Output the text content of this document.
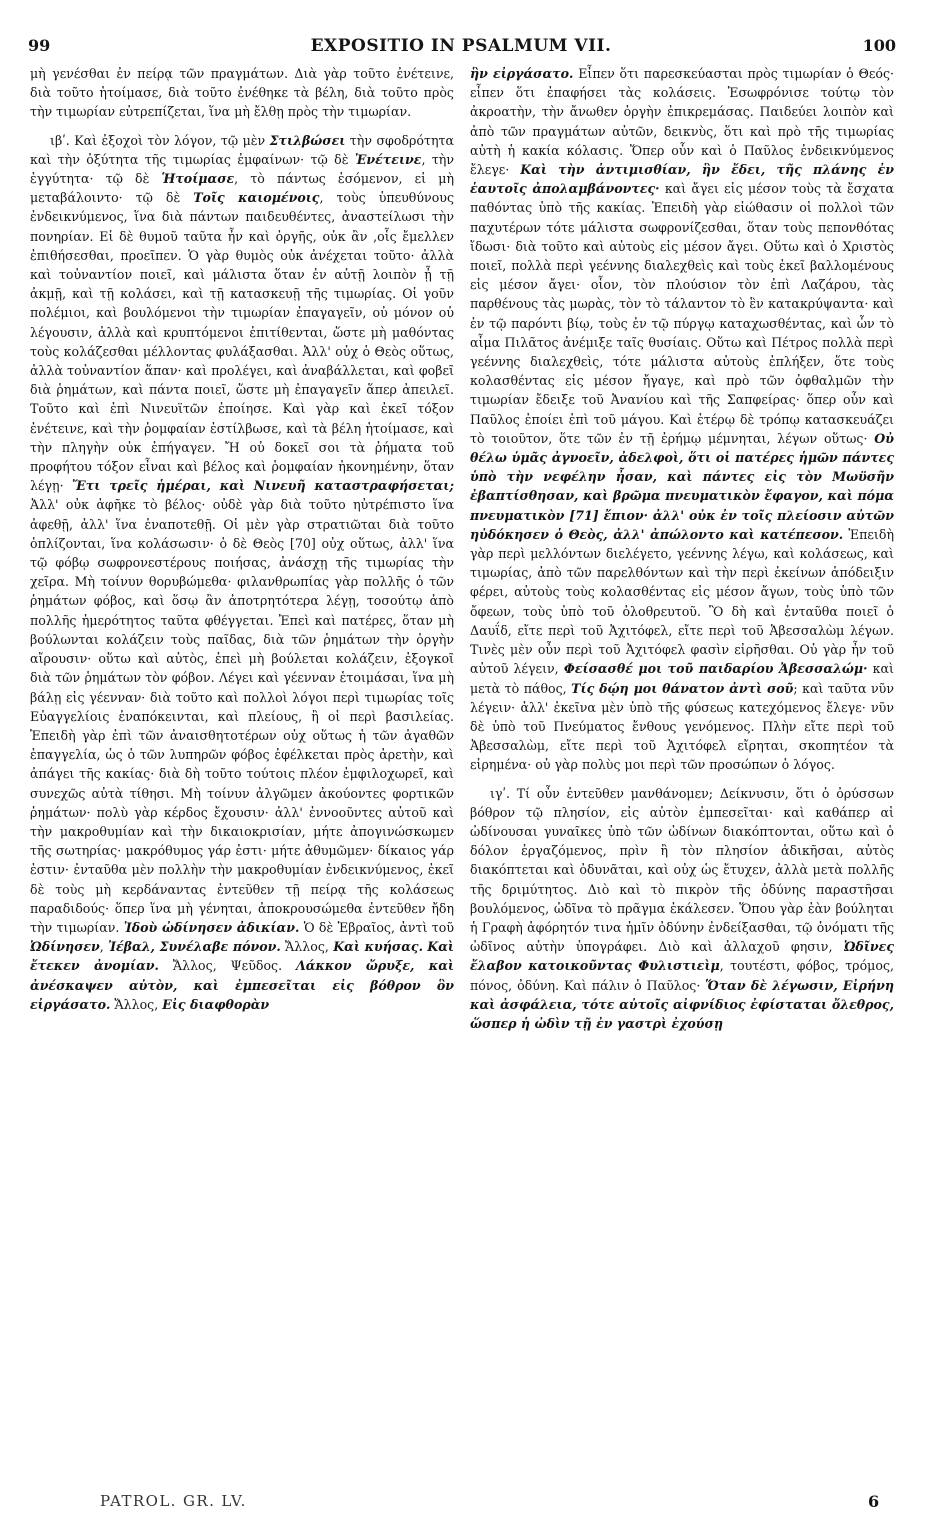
99	EXPOSITIO IN PSALMUM VII.	100

μὴ γενέσθαι ἐν πείρᾳ τῶν πραγμάτων. Διὰ γὰρ τοῦτο ἐνέτεινε, διὰ τοῦτο ἡτοίμασε, διὰ τοῦτο ἐνέθηκε τὰ βέλη, διὰ τοῦτο πρὸς τὴν τιμωρίαν εὐτρεπίζεται, ἵνα μὴ ἔλθῃ πρὸς τὴν τιμωρίαν.

ιβʹ. Καὶ ἐξοχοὶ τὸν λόγον, τῷ μὲν Στιλβώσει τὴν σφοδρότητα καὶ τὴν ὀξύτητα τῆς τιμωρίας ἐμφαίνων· τῷ δὲ Ἐνέτεινε, τὴν ἐγγύτητα· τῷ δὲ Ἡτοίμασε, τὸ πάντως ἐσόμενον, εἰ μὴ μεταβάλοιντο· τῷ δὲ Τοῖς καιομένοις, τοὺς ὑπευθύνους ἐνδεικνύμενος, ἵνα διὰ πάντων παιδευθέντες, ἀναστείλωσι τὴν πονηρίαν. Εἰ δὲ θυμοῦ ταῦτα ἦν καὶ ὀργῆς, οὐκ ἂν ,οἷς ἔμελλεν ἐπιθήσεσθαι, προεῖπεν. Ὁ γὰρ θυμὸς οὐκ ἀνέχεται τοῦτο· ἀλλὰ καὶ τοὐναντίον ποιεῖ, καὶ μάλιστα ὅταν ἐν αὐτῇ λοιπὸν ᾖ τῇ ἀκμῇ, καὶ τῇ κολάσει, καὶ τῇ κατασκευῇ τῆς τιμωρίας. Οἱ γοῦν πολέμιοι, καὶ βουλόμενοι τὴν τιμωρίαν ἐπαγαγεῖν, οὐ μόνον οὐ λέγουσιν, ἀλλὰ καὶ κρυπτόμενοι ἐπιτίθενται, ὥστε μὴ μαθόντας τοὺς κολάζεσθαι μέλλοντας φυλάξασθαι. Ἀλλ' οὐχ ὁ Θεὸς οὕτως, ἀλλὰ τοὐναντίον ἅπαν· καὶ προλέγει, καὶ ἀναβάλλεται, καὶ φοβεῖ διὰ ῥημάτων, καὶ πάντα ποιεῖ, ὥστε μὴ ἐπαγαγεῖν ἅπερ ἀπειλεῖ. Τοῦτο καὶ ἐπὶ Νινευϊτῶν ἐποίησε. Καὶ γὰρ καὶ ἐκεῖ τόξον ἐνέτεινε, καὶ τὴν ῥομφαίαν ἐστίλβωσε, καὶ τὰ βέλη ἡτοίμασε, καὶ τὴν πληγὴν οὐκ ἐπήγαγεν. Ἤ οὐ δοκεῖ σοι τὰ ῥήματα τοῦ προφήτου τόξον εἶναι καὶ βέλος καὶ ῥομφαίαν ἠκονημένην, ὅταν λέγῃ· Ἔτι τρεῖς ἡμέραι, καὶ Νινευῆ καταστραφήσεται; Ἀλλ' οὐκ ἀφῆκε τὸ βέλος· οὐδὲ γὰρ διὰ τοῦτο ηὐτρέπιστο ἵνα ἀφεθῇ, ἀλλ' ἵνα ἐναποτεθῇ. Οἱ μὲν γὰρ στρατιῶται διὰ τοῦτο ὁπλίζονται, ἵνα κολάσωσιν· ὁ δὲ Θεὸς [70] οὐχ οὕτως, ἀλλ' ἵνα τῷ φόβῳ σωφρονεστέρους ποιήσας, ἀνάσχῃ τῆς τιμωρίας τὴν χεῖρα. Μὴ τοίνυν θορυβώμεθα· φιλανθρωπίας γὰρ πολλῆς ὁ τῶν ῥημάτων φόβος, καὶ ὅσῳ ἂν ἀποτρητότερα λέγῃ, τοσούτῳ ἀπὸ πολλῆς ἡμερότητος ταῦτα φθέγγεται. Ἐπεὶ καὶ πατέρες, ὅταν μὴ βούλωνται κολάζειν τοὺς παῖδας, διὰ τῶν ῥημάτων τὴν ὀργὴν αἴρουσιν· οὕτω καὶ αὐτὸς, ἐπεὶ μὴ βούλεται κολάζειν, ἐξογκοῖ διὰ τῶν ῥημάτων τὸν φόβον. Λέγει καὶ γέενναν ἑτοιμάσαι, ἵνα μὴ βάλῃ εἰς γέενναν· διὰ τοῦτο καὶ πολλοὶ λόγοι περὶ τιμωρίας τοῖς Εὐαγγελίοις ἐναπόκεινται, καὶ πλείους, ἢ οἱ περὶ βασιλείας. Ἐπειδὴ γὰρ ἐπὶ τῶν ἀναισθητοτέρων οὐχ οὕτως ἡ τῶν ἀγαθῶν ἐπαγγελία, ὡς ὁ τῶν λυπηρῶν φόβος ἐφέλκεται πρὸς ἀρετὴν, καὶ ἀπάγει τῆς κακίας· διὰ δὴ τοῦτο τούτοις πλέον ἐμφιλοχωρεῖ, καὶ συνεχῶς αὐτὰ τίθησι. Μὴ τοίνυν ἀλγῶμεν ἀκούοντες φορτικῶν ῥημάτων· πολὺ γὰρ κέρδος ἔχουσιν· ἀλλ' ἐννοοῦντες αὐτοῦ καὶ τὴν μακροθυμίαν καὶ τὴν δικαιοκρισίαν, μήτε ἀπογινώσκωμεν τῆς σωτηρίας· μακρόθυμος γάρ ἐστι· μήτε ἀθυμῶμεν· δίκαιος γάρ ἐστιν· ἐνταῦθα μὲν πολλὴν τὴν μακροθυμίαν ἐνδεικνύμενος, ἐκεῖ δὲ τοὺς μὴ κερδάναντας ἐντεῦθεν τῇ πείρᾳ τῆς κολάσεως παραδιδούς· ὅπερ ἵνα μὴ γένηται, ἀποκρουσώμεθα ἐντεῦθεν ἤδη τὴν τιμωρίαν. Ἰδοὺ ὠδίνησεν ἀδικίαν. Ὁ δὲ Ἑβραῖος, ἀντὶ τοῦ Ὠδίνησεν, Ἰέβαλ, Συνέλαβε πόνον. Ἄλλος, Καὶ κυήσας. Καὶ ἔτεκεν ἀνομίαν. Ἄλλος, Ψεῦδος. Λάκκον ὤρυξε, καὶ ἀνέσκαψεν αὐτὸν, καὶ ἐμπεσεῖται εἰς βόθρον ὃν εἰργάσατο. Ἄλλος, Εἰς διαφθορὰν

ἣν εἰργάσατο. Εἶπεν ὅτι παρεσκεύασται πρὸς τιμωρίαν ὁ Θεός· εἶπεν ὅτι ἐπαφήσει τὰς κολάσεις. Ἐσωφρόνισε τούτῳ τὸν ἀκροατὴν, τὴν ἄνωθεν ὀργὴν ἐπικρεμάσας. Παιδεύει λοιπὸν καὶ ἀπὸ τῶν πραγμάτων αὐτῶν, δεικνὺς, ὅτι καὶ πρὸ τῆς τιμωρίας αὐτὴ ἡ κακία κόλασις. Ὅπερ οὖν καὶ ὁ Παῦλος ἐνδεικνύμενος ἔλεγε· Καὶ τὴν ἀντιμισθίαν, ἣν ἔδει, τῆς πλάνης ἐν ἑαυτοῖς ἀπολαμβάνοντες· καὶ ἄγει εἰς μέσον τοὺς τὰ ἔσχατα παθόντας ὑπὸ τῆς κακίας. Ἐπειδὴ γὰρ εἰώθασιν οἱ πολλοὶ τῶν παχυτέρων τότε μάλιστα σωφρονίζεσθαι, ὅταν τοὺς πεπονθότας ἴδωσι· διὰ τοῦτο καὶ αὐτοὺς εἰς μέσον ἄγει. Οὕτω καὶ ὁ Χριστὸς ποιεῖ, πολλὰ περὶ γεέννης διαλεχθεὶς καὶ τοὺς ἐκεῖ βαλλομένους εἰς μέσον ἄγει· οἷον, τὸν πλούσιον τὸν ἐπὶ Λαζάρου, τὰς παρθένους τὰς μωρὰς, τὸν τὸ τάλαντον τὸ ἓν κατακρύψαντα· καὶ ἐν τῷ παρόντι βίῳ, τοὺς ἐν τῷ πύργῳ καταχωσθέντας, καὶ ὧν τὸ αἷμα Πιλᾶτος ἀνέμιξε ταῖς θυσίαις. Οὕτω καὶ Πέτρος πολλὰ περὶ γεέννης διαλεχθεὶς, τότε μάλιστα αὐτοὺς ἐπλήξεν, ὅτε τοὺς κολασθέντας εἰς μέσον ἤγαγε, καὶ πρὸ τῶν ὀφθαλμῶν τὴν τιμωρίαν ἔδειξε τοῦ Ἀνανίου καὶ τῆς Σαπφείρας· ὅπερ οὖν καὶ Παῦλος ἐποίει ἐπὶ τοῦ μάγου. Καὶ ἑτέρῳ δὲ τρόπῳ κατασκευάζει τὸ τοιοῦτον, ὅτε τῶν ἐν τῇ ἐρήμῳ μέμνηται, λέγων οὕτως· Οὐ θέλω ὑμᾶς ἀγνοεῖν, ἀδελφοὶ, ὅτι οἱ πατέρες ἡμῶν πάντες ὑπὸ τὴν νεφέλην ἦσαν, καὶ πάντες εἰς τὸν Μωϋσῆν ἐβαπτίσθησαν, καὶ βρῶμα πνευματικὸν ἔφαγον, καὶ πόμα πνευματικὸν [71] ἔπιον· ἀλλ' οὐκ ἐν τοῖς πλείοσιν αὐτῶν ηὐδόκησεν ὁ Θεὸς, ἀλλ' ἀπώλοντο καὶ κατέπεσον. Ἐπειδὴ γὰρ περὶ μελλόντων διελέγετο, γεέννης λέγω, καὶ κολάσεως, καὶ τιμωρίας, ἀπὸ τῶν παρελθόντων καὶ τὴν περὶ ἐκείνων ἀπόδειξιν φέρει, αὐτοὺς τοὺς κολασθέντας εἰς μέσον ἄγων, τοὺς ὑπὸ τῶν ὄφεων, τοὺς ὑπὸ τοῦ ὀλοθρευτοῦ. Ὃ δὴ καὶ ἐνταῦθα ποιεῖ ὁ Δαυΐδ, εἴτε περὶ τοῦ Ἀχιτόφελ, εἴτε περὶ τοῦ Ἀβεσσαλὼμ λέγων. Τινὲς μὲν οὖν περὶ τοῦ Ἀχιτόφελ φασὶν εἰρῆσθαι. Οὐ γὰρ ἦν τοῦ αὐτοῦ λέγειν, Φείσασθέ μοι τοῦ παιδαρίου Ἀβεσσαλώμ· καὶ μετὰ τὸ πάθος, Τίς δῴη μοι θάνατον ἀντὶ σοῦ; καὶ ταῦτα νῦν λέγειν· ἀλλ' ἐκεῖνα μὲν ὑπὸ τῆς φύσεως κατεχόμενος ἔλεγε· νῦν δὲ ὑπὸ τοῦ Πνεύματος ἔνθους γενόμενος. Πλὴν εἴτε περὶ τοῦ Ἀβεσσαλὼμ, εἴτε περὶ τοῦ Ἀχιτόφελ εἴρηται, σκοπητέον τὰ εἰρημένα· οὐ γὰρ πολὺς μοι περὶ τῶν προσώπων ὁ λόγος.

ιγʹ. Τί οὖν ἐντεῦθεν μανθάνομεν; Δείκνυσιν, ὅτι ὁ ὀρύσσων βόθρον τῷ πλησίον, εἰς αὐτὸν ἐμπεσεῖται· καὶ καθάπερ αἱ ὠδίνουσαι γυναῖκες ὑπὸ τῶν ὠδίνων διακόπτονται, οὕτω καὶ ὁ δόλον ἐργαζόμενος, πρὶν ἢ τὸν πλησίον ἀδικῆσαι, αὐτὸς διακόπτεται καὶ ὀδυνᾶται, καὶ οὐχ ὡς ἔτυχεν, ἀλλὰ μετὰ πολλῆς τῆς δριμύτητος. Διὸ καὶ τὸ πικρὸν τῆς ὀδύνης παραστῆσαι βουλόμενος, ὠδῖνα τὸ πρᾶγμα ἐκάλεσεν. Ὅπου γὰρ ἐὰν βούληται ἡ Γραφὴ ἀφόρητόν τινα ἡμῖν ὀδύνην ἐνδείξασθαι, τῷ ὀνόματι τῆς ὠδῖνος αὐτὴν ὑπογράφει. Διὸ καὶ ἀλλαχοῦ φησιν, Ὠδῖνες ἔλαβον κατοικοῦντας Φυλιστιεὶμ, τουτέστι, φόβος, τρόμος, πόνος, ὀδύνη. Καὶ πάλιν ὁ Παῦλος· Ὅταν δὲ λέγωσιν, Εἰρήνη καὶ ἀσφάλεια, τότε αὐτοῖς αἰφνίδιος ἐφίσταται ὄλεθρος, ὥσπερ ἡ ὠδὶν τῇ ἐν γαστρὶ ἐχούσῃ

PATROL. GR. LV.	6
